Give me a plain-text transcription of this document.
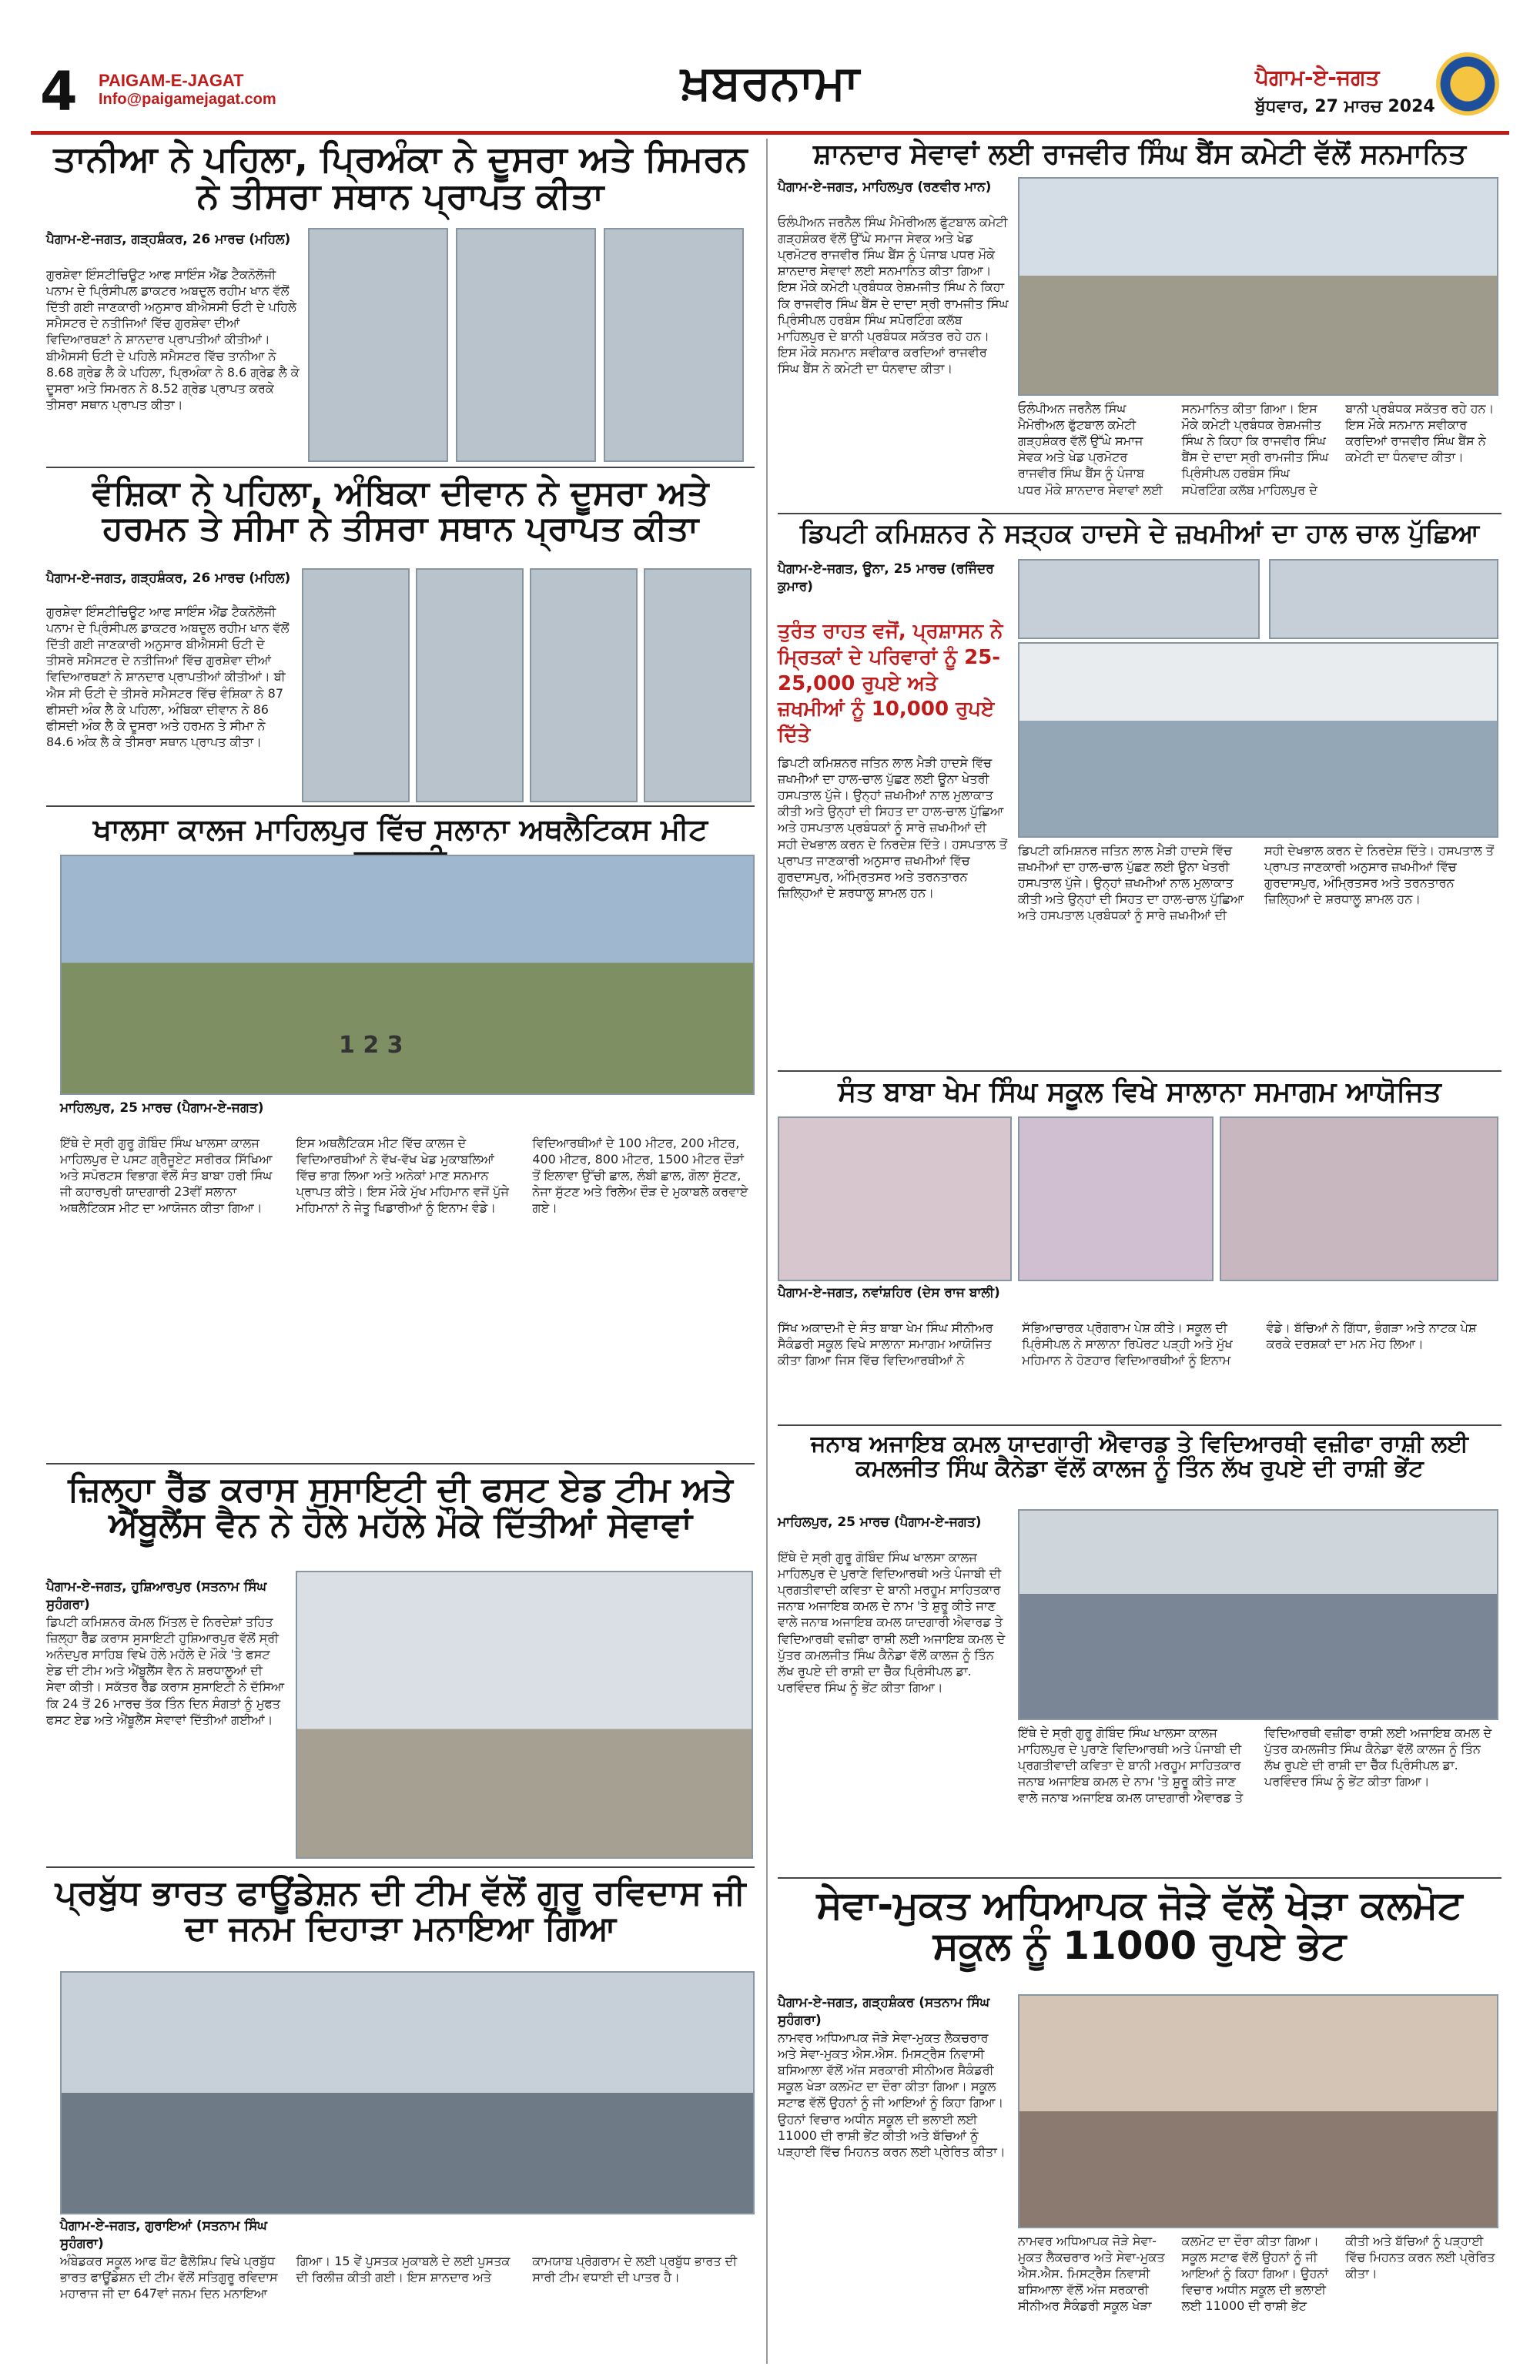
4 PAIGAM-E-JAGAT
Info@paigamejagat.com	ਖ਼ਬਰਨਾਮਾ	ਪੈਗਾਮ-ਏ-ਜਗਤ
ਬੁੱਧਵਾਰ, 27 ਮਾਰਚ 2024
ਤਾਨੀਆ ਨੇ ਪਹਿਲਾ, ਪ੍ਰਿਅੰਕਾ ਨੇ ਦੂਸਰਾ ਅਤੇ ਸਿਮਰਨ ਨੇ ਤੀਸਰਾ ਸਥਾਨ ਪ੍ਰਾਪਤ ਕੀਤਾ
ਪੈਗਾਮ-ਏ-ਜਗਤ, ਗੜ੍ਹਸ਼ੰਕਰ, 26 ਮਾਰਚ (ਮਹਿਲ)
ਗੁਰਸ਼ੇਵਾ ਇੰਸਟੀਚਿਊਟ ਆਫ ਸਾਇੰਸ ਐਂਡ ਟੈਕਨੋਲੋਜੀ ਪਨਾਮ ਦੇ ਪ੍ਰਿੰਸੀਪਲ ਡਾਕਟਰ ਅਬਦੁਲ ਰਹੀਮ ਖਾਨ ਵੱਲੋਂ ਦਿੱਤੀ ਗਈ ਜਾਣਕਾਰੀ ਅਨੁਸਾਰ ਬੀਐਸਸੀ ਓਟੀ ਦੇ ਪਹਿਲੇ ਸਮੈਸਟਰ ਦੇ ਨਤੀਜਿਆਂ ਵਿੱਚ ਗੁਰਸ਼ੇਵਾ ਦੀਆਂ ਵਿਦਿਆਰਥਣਾਂ ਨੇ ਸ਼ਾਨਦਾਰ ਪ੍ਰਾਪਤੀਆਂ ਕੀਤੀਆਂ। ਬੀਐਸਸੀ ਓਟੀ ਦੇ ਪਹਿਲੇ ਸਮੈਸਟਰ ਵਿੱਚ ਤਾਨੀਆ ਨੇ 8.68 ਗ੍ਰੇਡ ਲੈ ਕੇ ਪਹਿਲਾ, ਪ੍ਰਿਅੰਕਾ ਨੇ 8.6 ਗ੍ਰੇਡ ਲੈ ਕੇ ਦੂਸਰਾ ਅਤੇ ਸਿਮਰਨ ਨੇ 8.52 ਗ੍ਰੇਡ ਪ੍ਰਾਪਤ ਕਰਕੇ ਤੀਸਰਾ ਸਥਾਨ ਪ੍ਰਾਪਤ ਕੀਤਾ।
ਵੰਸ਼ਿਕਾ ਨੇ ਪਹਿਲਾ, ਅੰਬਿਕਾ ਦੀਵਾਨ ਨੇ ਦੂਸਰਾ ਅਤੇ ਹਰਮਨ ਤੇ ਸੀਮਾ ਨੇ ਤੀਸਰਾ ਸਥਾਨ ਪ੍ਰਾਪਤ ਕੀਤਾ
ਪੈਗਾਮ-ਏ-ਜਗਤ, ਗੜ੍ਹਸ਼ੰਕਰ, 26 ਮਾਰਚ (ਮਹਿਲ)
ਗੁਰਸ਼ੇਵਾ ਇੰਸਟੀਚਿਊਟ ਆਫ ਸਾਇੰਸ ਐਂਡ ਟੈਕਨੋਲੋਜੀ ਪਨਾਮ ਦੇ ਪ੍ਰਿੰਸੀਪਲ ਡਾਕਟਰ ਅਬਦੁਲ ਰਹੀਮ ਖਾਨ ਵੱਲੋਂ ਦਿੱਤੀ ਗਈ ਜਾਣਕਾਰੀ ਅਨੁਸਾਰ ਬੀਐਸਸੀ ਓਟੀ ਦੇ ਤੀਸਰੇ ਸਮੈਸਟਰ ਦੇ ਨਤੀਜਿਆਂ ਵਿੱਚ ਗੁਰਸ਼ੇਵਾ ਦੀਆਂ ਵਿਦਿਆਰਥਣਾਂ ਨੇ ਸ਼ਾਨਦਾਰ ਪ੍ਰਾਪਤੀਆਂ ਕੀਤੀਆਂ। ਬੀ ਐਸ ਸੀ ਓਟੀ ਦੇ ਤੀਸਰੇ ਸਮੈਸਟਰ ਵਿੱਚ ਵੰਸ਼ਿਕਾ ਨੇ 87 ਫੀਸਦੀ ਅੰਕ ਲੈ ਕੇ ਪਹਿਲਾ, ਅੰਬਿਕਾ ਦੀਵਾਨ ਨੇ 86 ਫੀਸਦੀ ਅੰਕ ਲੈ ਕੇ ਦੂਸਰਾ ਅਤੇ ਹਰਮਨ ਤੇ ਸੀਮਾ ਨੇ 84.6 ਅੰਕ ਲੈ ਕੇ ਤੀਸਰਾ ਸਥਾਨ ਪ੍ਰਾਪਤ ਕੀਤਾ।
ਖਾਲਸਾ ਕਾਲਜ ਮਾਹਿਲਪੁਰ ਵਿੱਚ ਸਲਾਨਾ ਅਥਲੈਟਿਕਸ ਮੀਟ
1 2 3
ਮਾਹਿਲਪੁਰ, 25 ਮਾਰਚ (ਪੈਗਾਮ-ਏ-ਜਗਤ)
ਇੱਥੇ ਦੇ ਸ੍ਰੀ ਗੁਰੂ ਗੋਬਿੰਦ ਸਿੰਘ ਖਾਲਸਾ ਕਾਲਜ ਮਾਹਿਲਪੁਰ ਦੇ ਪਸਟ ਗ੍ਰੈਜੂਏਟ ਸਰੀਰਕ ਸਿੱਖਿਆ ਅਤੇ ਸਪੋਰਟਸ ਵਿਭਾਗ ਵੱਲੋਂ ਸੰਤ ਬਾਬਾ ਹਰੀ ਸਿੰਘ ਜੀ ਕਹਾਰਪੁਰੀ ਯਾਦਗਾਰੀ 23ਵੀਂ ਸਲਾਨਾ ਅਥਲੈਟਿਕਸ ਮੀਟ ਦਾ ਆਯੋਜਨ ਕੀਤਾ ਗਿਆ। ਇਸ ਅਥਲੈਟਿਕਸ ਮੀਟ ਵਿੱਚ ਕਾਲਜ ਦੇ ਵਿਦਿਆਰਥੀਆਂ ਨੇ ਵੱਖ-ਵੱਖ ਖੇਡ ਮੁਕਾਬਲਿਆਂ ਵਿੱਚ ਭਾਗ ਲਿਆ ਅਤੇ ਅਨੇਕਾਂ ਮਾਣ ਸਨਮਾਨ ਪ੍ਰਾਪਤ ਕੀਤੇ। ਇਸ ਮੌਕੇ ਮੁੱਖ ਮਹਿਮਾਨ ਵਜੋਂ ਪੁੱਜੇ ਮਹਿਮਾਨਾਂ ਨੇ ਜੇਤੂ ਖਿਡਾਰੀਆਂ ਨੂੰ ਇਨਾਮ ਵੰਡੇ। ਵਿਦਿਆਰਥੀਆਂ ਦੇ 100 ਮੀਟਰ, 200 ਮੀਟਰ, 400 ਮੀਟਰ, 800 ਮੀਟਰ, 1500 ਮੀਟਰ ਦੌੜਾਂ ਤੋਂ ਇਲਾਵਾ ਉੱਚੀ ਛਾਲ, ਲੰਬੀ ਛਾਲ, ਗੋਲਾ ਸੁੱਟਣ, ਨੇਜਾ ਸੁੱਟਣ ਅਤੇ ਰਿਲੇਅ ਦੌੜ ਦੇ ਮੁਕਾਬਲੇ ਕਰਵਾਏ ਗਏ।
ਜ਼ਿਲ੍ਹਾ ਰੈੱਡ ਕਰਾਸ ਸੁਸਾਇਟੀ ਦੀ ਫਸਟ ਏਡ ਟੀਮ ਅਤੇ ਐਂਬੂਲੈਂਸ ਵੈਨ ਨੇ ਹੋਲੇ ਮਹੱਲੇ ਮੌਕੇ ਦਿੱਤੀਆਂ ਸੇਵਾਵਾਂ
ਪੈਗਾਮ-ਏ-ਜਗਤ, ਹੁਸ਼ਿਆਰਪੁਰ (ਸਤਨਾਮ ਸਿੰਘ ਸੁਹੰਗਰਾ)
ਡਿਪਟੀ ਕਮਿਸ਼ਨਰ ਕੋਮਲ ਮਿੱਤਲ ਦੇ ਨਿਰਦੇਸ਼ਾਂ ਤਹਿਤ ਜ਼ਿਲ੍ਹਾ ਰੈੱਡ ਕਰਾਸ ਸੁਸਾਇਟੀ ਹੁਸ਼ਿਆਰਪੁਰ ਵੱਲੋਂ ਸ੍ਰੀ ਅਨੰਦਪੁਰ ਸਾਹਿਬ ਵਿਖੇ ਹੋਲੇ ਮਹੱਲੇ ਦੇ ਮੌਕੇ 'ਤੇ ਫਸਟ ਏਡ ਦੀ ਟੀਮ ਅਤੇ ਐਂਬੂਲੈਂਸ ਵੈਨ ਨੇ ਸ਼ਰਧਾਲੂਆਂ ਦੀ ਸੇਵਾ ਕੀਤੀ। ਸਕੱਤਰ ਰੈੱਡ ਕਰਾਸ ਸੁਸਾਇਟੀ ਨੇ ਦੱਸਿਆ ਕਿ 24 ਤੋਂ 26 ਮਾਰਚ ਤੱਕ ਤਿੰਨ ਦਿਨ ਸੰਗਤਾਂ ਨੂੰ ਮੁਫਤ ਫਸਟ ਏਡ ਅਤੇ ਐਂਬੂਲੈਂਸ ਸੇਵਾਵਾਂ ਦਿੱਤੀਆਂ ਗਈਆਂ।
ਪ੍ਰਬੁੱਧ ਭਾਰਤ ਫਾਊਂਡੇਸ਼ਨ ਦੀ ਟੀਮ ਵੱਲੋਂ ਗੁਰੂ ਰਵਿਦਾਸ ਜੀ ਦਾ ਜਨਮ ਦਿਹਾੜਾ ਮਨਾਇਆ ਗਿਆ
ਪੈਗਾਮ-ਏ-ਜਗਤ, ਗੁਰਾਇਆਂ (ਸਤਨਾਮ ਸਿੰਘ ਸੁਹੰਗਰਾ)
ਅੰਬੇਡਕਰ ਸਕੂਲ ਆਫ ਥੌਟ ਫੈਲੋਸ਼ਿਪ ਵਿਖੇ ਪ੍ਰਬੁੱਧ ਭਾਰਤ ਫਾਊਂਡੇਸ਼ਨ ਦੀ ਟੀਮ ਵੱਲੋਂ ਸਤਿਗੁਰੂ ਰਵਿਦਾਸ ਮਹਾਰਾਜ ਜੀ ਦਾ 647ਵਾਂ ਜਨਮ ਦਿਨ ਮਨਾਇਆ ਗਿਆ। 15 ਵੇਂ ਪੁਸਤਕ ਮੁਕਾਬਲੇ ਦੇ ਲਈ ਪੁਸਤਕ ਦੀ ਰਿਲੀਜ਼ ਕੀਤੀ ਗਈ। ਇਸ ਸ਼ਾਨਦਾਰ ਅਤੇ ਕਾਮਯਾਬ ਪ੍ਰੋਗਰਾਮ ਦੇ ਲਈ ਪ੍ਰਬੁੱਧ ਭਾਰਤ ਦੀ ਸਾਰੀ ਟੀਮ ਵਧਾਈ ਦੀ ਪਾਤਰ ਹੈ।
ਸ਼ਾਨਦਾਰ ਸੇਵਾਵਾਂ ਲਈ ਰਾਜਵੀਰ ਸਿੰਘ ਬੈਂਸ ਕਮੇਟੀ ਵੱਲੋਂ ਸਨਮਾਨਿਤ
ਪੈਗਾਮ-ਏ-ਜਗਤ, ਮਾਹਿਲਪੁਰ (ਰਣਵੀਰ ਮਾਨ)
ਓਲੰਪੀਅਨ ਜਰਨੈਲ ਸਿੰਘ ਮੈਮੋਰੀਅਲ ਫੁੱਟਬਾਲ ਕਮੇਟੀ ਗੜ੍ਹਸ਼ੰਕਰ ਵੱਲੋਂ ਉੱਘੇ ਸਮਾਜ ਸੇਵਕ ਅਤੇ ਖੇਡ ਪ੍ਰਮੋਟਰ ਰਾਜਵੀਰ ਸਿੰਘ ਬੈਂਸ ਨੂੰ ਪੰਜਾਬ ਪਧਰ ਮੌਕੇ ਸ਼ਾਨਦਾਰ ਸੇਵਾਵਾਂ ਲਈ ਸਨਮਾਨਿਤ ਕੀਤਾ ਗਿਆ। ਇਸ ਮੌਕੇ ਕਮੇਟੀ ਪ੍ਰਬੰਧਕ ਰੇਸ਼ਮਜੀਤ ਸਿੰਘ ਨੇ ਕਿਹਾ ਕਿ ਰਾਜਵੀਰ ਸਿੰਘ ਬੈਂਸ ਦੇ ਦਾਦਾ ਸ੍ਰੀ ਰਾਮਜੀਤ ਸਿੰਘ ਪ੍ਰਿੰਸੀਪਲ ਹਰਬੰਸ ਸਿੰਘ ਸਪੋਰਟਿੰਗ ਕਲੱਬ ਮਾਹਿਲਪੁਰ ਦੇ ਬਾਨੀ ਪ੍ਰਬੰਧਕ ਸਕੱਤਰ ਰਹੇ ਹਨ। ਇਸ ਮੌਕੇ ਸਨਮਾਨ ਸਵੀਕਾਰ ਕਰਦਿਆਂ ਰਾਜਵੀਰ ਸਿੰਘ ਬੈਂਸ ਨੇ ਕਮੇਟੀ ਦਾ ਧੰਨਵਾਦ ਕੀਤਾ।
ਓਲੰਪੀਅਨ ਜਰਨੈਲ ਸਿੰਘ ਮੈਮੋਰੀਅਲ ਫੁੱਟਬਾਲ ਕਮੇਟੀ ਗੜ੍ਹਸ਼ੰਕਰ ਵੱਲੋਂ ਉੱਘੇ ਸਮਾਜ ਸੇਵਕ ਅਤੇ ਖੇਡ ਪ੍ਰਮੋਟਰ ਰਾਜਵੀਰ ਸਿੰਘ ਬੈਂਸ ਨੂੰ ਪੰਜਾਬ ਪਧਰ ਮੌਕੇ ਸ਼ਾਨਦਾਰ ਸੇਵਾਵਾਂ ਲਈ ਸਨਮਾਨਿਤ ਕੀਤਾ ਗਿਆ। ਇਸ ਮੌਕੇ ਕਮੇਟੀ ਪ੍ਰਬੰਧਕ ਰੇਸ਼ਮਜੀਤ ਸਿੰਘ ਨੇ ਕਿਹਾ ਕਿ ਰਾਜਵੀਰ ਸਿੰਘ ਬੈਂਸ ਦੇ ਦਾਦਾ ਸ੍ਰੀ ਰਾਮਜੀਤ ਸਿੰਘ ਪ੍ਰਿੰਸੀਪਲ ਹਰਬੰਸ ਸਿੰਘ ਸਪੋਰਟਿੰਗ ਕਲੱਬ ਮਾਹਿਲਪੁਰ ਦੇ ਬਾਨੀ ਪ੍ਰਬੰਧਕ ਸਕੱਤਰ ਰਹੇ ਹਨ। ਇਸ ਮੌਕੇ ਸਨਮਾਨ ਸਵੀਕਾਰ ਕਰਦਿਆਂ ਰਾਜਵੀਰ ਸਿੰਘ ਬੈਂਸ ਨੇ ਕਮੇਟੀ ਦਾ ਧੰਨਵਾਦ ਕੀਤਾ।
ਡਿਪਟੀ ਕਮਿਸ਼ਨਰ ਨੇ ਸੜ੍ਹਕ ਹਾਦਸੇ ਦੇ ਜ਼ਖਮੀਆਂ ਦਾ ਹਾਲ ਚਾਲ ਪੁੱਛਿਆ
ਪੈਗਾਮ-ਏ-ਜਗਤ, ਊਨਾ, 25 ਮਾਰਚ (ਰਜਿੰਦਰ ਕੁਮਾਰ)
ਤੁਰੰਤ ਰਾਹਤ ਵਜੋਂ, ਪ੍ਰਸ਼ਾਸਨ ਨੇ ਮ੍ਰਿਤਕਾਂ ਦੇ ਪਰਿਵਾਰਾਂ ਨੂੰ 25-25,000 ਰੁਪਏ ਅਤੇ ਜ਼ਖਮੀਆਂ ਨੂੰ 10,000 ਰੁਪਏ ਦਿੱਤੇ
ਡਿਪਟੀ ਕਮਿਸ਼ਨਰ ਜਤਿਨ ਲਾਲ ਮੈੜੀ ਹਾਦਸੇ ਵਿੱਚ ਜ਼ਖਮੀਆਂ ਦਾ ਹਾਲ-ਚਾਲ ਪੁੱਛਣ ਲਈ ਊਨਾ ਖੇਤਰੀ ਹਸਪਤਾਲ ਪੁੱਜੇ। ਉਨ੍ਹਾਂ ਜ਼ਖਮੀਆਂ ਨਾਲ ਮੁਲਾਕਾਤ ਕੀਤੀ ਅਤੇ ਉਨ੍ਹਾਂ ਦੀ ਸਿਹਤ ਦਾ ਹਾਲ-ਚਾਲ ਪੁੱਛਿਆ ਅਤੇ ਹਸਪਤਾਲ ਪ੍ਰਬੰਧਕਾਂ ਨੂੰ ਸਾਰੇ ਜ਼ਖਮੀਆਂ ਦੀ ਸਹੀ ਦੇਖਭਾਲ ਕਰਨ ਦੇ ਨਿਰਦੇਸ਼ ਦਿੱਤੇ। ਹਸਪਤਾਲ ਤੋਂ ਪ੍ਰਾਪਤ ਜਾਣਕਾਰੀ ਅਨੁਸਾਰ ਜ਼ਖਮੀਆਂ ਵਿੱਚ ਗੁਰਦਾਸਪੁਰ, ਅੰਮ੍ਰਿਤਸਰ ਅਤੇ ਤਰਨਤਾਰਨ ਜ਼ਿਲ੍ਹਿਆਂ ਦੇ ਸ਼ਰਧਾਲੂ ਸ਼ਾਮਲ ਹਨ।
ਡਿਪਟੀ ਕਮਿਸ਼ਨਰ ਜਤਿਨ ਲਾਲ ਮੈੜੀ ਹਾਦਸੇ ਵਿੱਚ ਜ਼ਖਮੀਆਂ ਦਾ ਹਾਲ-ਚਾਲ ਪੁੱਛਣ ਲਈ ਊਨਾ ਖੇਤਰੀ ਹਸਪਤਾਲ ਪੁੱਜੇ। ਉਨ੍ਹਾਂ ਜ਼ਖਮੀਆਂ ਨਾਲ ਮੁਲਾਕਾਤ ਕੀਤੀ ਅਤੇ ਉਨ੍ਹਾਂ ਦੀ ਸਿਹਤ ਦਾ ਹਾਲ-ਚਾਲ ਪੁੱਛਿਆ ਅਤੇ ਹਸਪਤਾਲ ਪ੍ਰਬੰਧਕਾਂ ਨੂੰ ਸਾਰੇ ਜ਼ਖਮੀਆਂ ਦੀ ਸਹੀ ਦੇਖਭਾਲ ਕਰਨ ਦੇ ਨਿਰਦੇਸ਼ ਦਿੱਤੇ। ਹਸਪਤਾਲ ਤੋਂ ਪ੍ਰਾਪਤ ਜਾਣਕਾਰੀ ਅਨੁਸਾਰ ਜ਼ਖਮੀਆਂ ਵਿੱਚ ਗੁਰਦਾਸਪੁਰ, ਅੰਮ੍ਰਿਤਸਰ ਅਤੇ ਤਰਨਤਾਰਨ ਜ਼ਿਲ੍ਹਿਆਂ ਦੇ ਸ਼ਰਧਾਲੂ ਸ਼ਾਮਲ ਹਨ।
ਸੰਤ ਬਾਬਾ ਖੇਮ ਸਿੰਘ ਸਕੂਲ ਵਿਖੇ ਸਾਲਾਨਾ ਸਮਾਗਮ ਆਯੋਜਿਤ
ਪੈਗਾਮ-ਏ-ਜਗਤ, ਨਵਾਂਸ਼ਹਿਰ (ਦੇਸ ਰਾਜ ਬਾਲੀ)
ਸਿੱਖ ਅਕਾਦਮੀ ਦੇ ਸੰਤ ਬਾਬਾ ਖੇਮ ਸਿੰਘ ਸੀਨੀਅਰ ਸੈਕੰਡਰੀ ਸਕੂਲ ਵਿਖੇ ਸਾਲਾਨਾ ਸਮਾਗਮ ਆਯੋਜਿਤ ਕੀਤਾ ਗਿਆ ਜਿਸ ਵਿੱਚ ਵਿਦਿਆਰਥੀਆਂ ਨੇ ਸੱਭਿਆਚਾਰਕ ਪ੍ਰੋਗਰਾਮ ਪੇਸ਼ ਕੀਤੇ। ਸਕੂਲ ਦੀ ਪ੍ਰਿੰਸੀਪਲ ਨੇ ਸਾਲਾਨਾ ਰਿਪੋਰਟ ਪੜ੍ਹੀ ਅਤੇ ਮੁੱਖ ਮਹਿਮਾਨ ਨੇ ਹੋਣਹਾਰ ਵਿਦਿਆਰਥੀਆਂ ਨੂੰ ਇਨਾਮ ਵੰਡੇ। ਬੱਚਿਆਂ ਨੇ ਗਿੱਧਾ, ਭੰਗੜਾ ਅਤੇ ਨਾਟਕ ਪੇਸ਼ ਕਰਕੇ ਦਰਸ਼ਕਾਂ ਦਾ ਮਨ ਮੋਹ ਲਿਆ।
ਜਨਾਬ ਅਜਾਇਬ ਕਮਲ ਯਾਦਗਾਰੀ ਐਵਾਰਡ ਤੇ ਵਿਦਿਆਰਥੀ ਵਜ਼ੀਫਾ ਰਾਸ਼ੀ ਲਈ ਕਮਲਜੀਤ ਸਿੰਘ ਕੈਨੇਡਾ ਵੱਲੋਂ ਕਾਲਜ ਨੂੰ ਤਿੰਨ ਲੱਖ ਰੁਪਏ ਦੀ ਰਾਸ਼ੀ ਭੇਂਟ
ਮਾਹਿਲਪੁਰ, 25 ਮਾਰਚ (ਪੈਗਾਮ-ਏ-ਜਗਤ)
ਇੱਥੇ ਦੇ ਸ੍ਰੀ ਗੁਰੂ ਗੋਬਿੰਦ ਸਿੰਘ ਖਾਲਸਾ ਕਾਲਜ ਮਾਹਿਲਪੁਰ ਦੇ ਪੁਰਾਣੇ ਵਿਦਿਆਰਥੀ ਅਤੇ ਪੰਜਾਬੀ ਦੀ ਪ੍ਰਗਤੀਵਾਦੀ ਕਵਿਤਾ ਦੇ ਬਾਨੀ ਮਰਹੂਮ ਸਾਹਿਤਕਾਰ ਜਨਾਬ ਅਜਾਇਬ ਕਮਲ ਦੇ ਨਾਮ 'ਤੇ ਸ਼ੁਰੂ ਕੀਤੇ ਜਾਣ ਵਾਲੇ ਜਨਾਬ ਅਜਾਇਬ ਕਮਲ ਯਾਦਗਾਰੀ ਐਵਾਰਡ ਤੇ ਵਿਦਿਆਰਥੀ ਵਜ਼ੀਫਾ ਰਾਸ਼ੀ ਲਈ ਅਜਾਇਬ ਕਮਲ ਦੇ ਪੁੱਤਰ ਕਮਲਜੀਤ ਸਿੰਘ ਕੈਨੇਡਾ ਵੱਲੋਂ ਕਾਲਜ ਨੂੰ ਤਿੰਨ ਲੱਖ ਰੁਪਏ ਦੀ ਰਾਸ਼ੀ ਦਾ ਚੈੱਕ ਪ੍ਰਿੰਸੀਪਲ ਡਾ. ਪਰਵਿੰਦਰ ਸਿੰਘ ਨੂੰ ਭੇਂਟ ਕੀਤਾ ਗਿਆ।
ਇੱਥੇ ਦੇ ਸ੍ਰੀ ਗੁਰੂ ਗੋਬਿੰਦ ਸਿੰਘ ਖਾਲਸਾ ਕਾਲਜ ਮਾਹਿਲਪੁਰ ਦੇ ਪੁਰਾਣੇ ਵਿਦਿਆਰਥੀ ਅਤੇ ਪੰਜਾਬੀ ਦੀ ਪ੍ਰਗਤੀਵਾਦੀ ਕਵਿਤਾ ਦੇ ਬਾਨੀ ਮਰਹੂਮ ਸਾਹਿਤਕਾਰ ਜਨਾਬ ਅਜਾਇਬ ਕਮਲ ਦੇ ਨਾਮ 'ਤੇ ਸ਼ੁਰੂ ਕੀਤੇ ਜਾਣ ਵਾਲੇ ਜਨਾਬ ਅਜਾਇਬ ਕਮਲ ਯਾਦਗਾਰੀ ਐਵਾਰਡ ਤੇ ਵਿਦਿਆਰਥੀ ਵਜ਼ੀਫਾ ਰਾਸ਼ੀ ਲਈ ਅਜਾਇਬ ਕਮਲ ਦੇ ਪੁੱਤਰ ਕਮਲਜੀਤ ਸਿੰਘ ਕੈਨੇਡਾ ਵੱਲੋਂ ਕਾਲਜ ਨੂੰ ਤਿੰਨ ਲੱਖ ਰੁਪਏ ਦੀ ਰਾਸ਼ੀ ਦਾ ਚੈੱਕ ਪ੍ਰਿੰਸੀਪਲ ਡਾ. ਪਰਵਿੰਦਰ ਸਿੰਘ ਨੂੰ ਭੇਂਟ ਕੀਤਾ ਗਿਆ।
ਸੇਵਾ-ਮੁਕਤ ਅਧਿਆਪਕ ਜੋੜੇ ਵੱਲੋਂ ਖੇੜਾ ਕਲਮੋਟ ਸਕੂਲ ਨੂੰ 11000 ਰੁਪਏ ਭੇਟ
ਪੈਗਾਮ-ਏ-ਜਗਤ, ਗੜ੍ਹਸ਼ੰਕਰ (ਸਤਨਾਮ ਸਿੰਘ ਸੁਹੰਗਰਾ)
ਨਾਮਵਰ ਅਧਿਆਪਕ ਜੋੜੇ ਸੇਵਾ-ਮੁਕਤ ਲੈਕਚਰਾਰ ਅਤੇ ਸੇਵਾ-ਮੁਕਤ ਐਸ.ਐਸ. ਮਿਸਟ੍ਰੈਸ ਨਿਵਾਸੀ ਬਸਿਆਲਾ ਵੱਲੋਂ ਅੱਜ ਸਰਕਾਰੀ ਸੀਨੀਅਰ ਸੈਕੰਡਰੀ ਸਕੂਲ ਖੇੜਾ ਕਲਮੋਟ ਦਾ ਦੌਰਾ ਕੀਤਾ ਗਿਆ। ਸਕੂਲ ਸਟਾਫ ਵੱਲੋਂ ਉਹਨਾਂ ਨੂੰ ਜੀ ਆਇਆਂ ਨੂੰ ਕਿਹਾ ਗਿਆ। ਉਹਨਾਂ ਵਿਚਾਰ ਅਧੀਨ ਸਕੂਲ ਦੀ ਭਲਾਈ ਲਈ 11000 ਦੀ ਰਾਸ਼ੀ ਭੇਂਟ ਕੀਤੀ ਅਤੇ ਬੱਚਿਆਂ ਨੂੰ ਪੜ੍ਹਾਈ ਵਿੱਚ ਮਿਹਨਤ ਕਰਨ ਲਈ ਪ੍ਰੇਰਿਤ ਕੀਤਾ।
ਨਾਮਵਰ ਅਧਿਆਪਕ ਜੋੜੇ ਸੇਵਾ-ਮੁਕਤ ਲੈਕਚਰਾਰ ਅਤੇ ਸੇਵਾ-ਮੁਕਤ ਐਸ.ਐਸ. ਮਿਸਟ੍ਰੈਸ ਨਿਵਾਸੀ ਬਸਿਆਲਾ ਵੱਲੋਂ ਅੱਜ ਸਰਕਾਰੀ ਸੀਨੀਅਰ ਸੈਕੰਡਰੀ ਸਕੂਲ ਖੇੜਾ ਕਲਮੋਟ ਦਾ ਦੌਰਾ ਕੀਤਾ ਗਿਆ। ਸਕੂਲ ਸਟਾਫ ਵੱਲੋਂ ਉਹਨਾਂ ਨੂੰ ਜੀ ਆਇਆਂ ਨੂੰ ਕਿਹਾ ਗਿਆ। ਉਹਨਾਂ ਵਿਚਾਰ ਅਧੀਨ ਸਕੂਲ ਦੀ ਭਲਾਈ ਲਈ 11000 ਦੀ ਰਾਸ਼ੀ ਭੇਂਟ ਕੀਤੀ ਅਤੇ ਬੱਚਿਆਂ ਨੂੰ ਪੜ੍ਹਾਈ ਵਿੱਚ ਮਿਹਨਤ ਕਰਨ ਲਈ ਪ੍ਰੇਰਿਤ ਕੀਤਾ।
